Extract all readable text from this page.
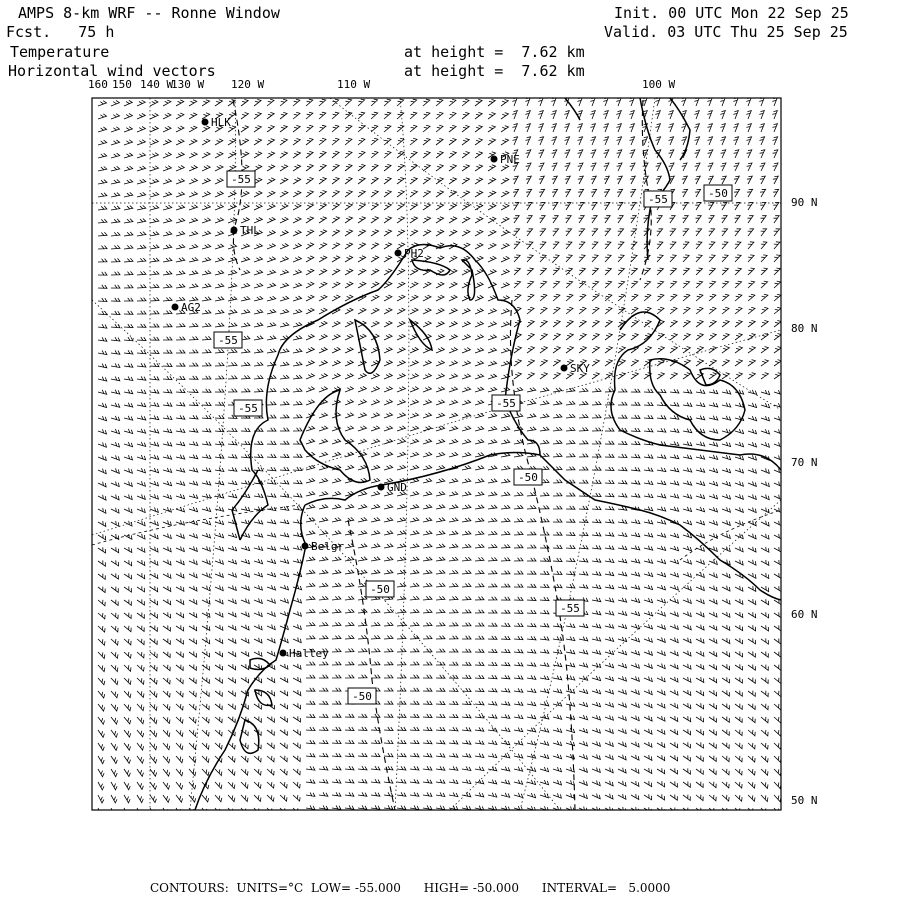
AMPS 8-km WRF -- Ronne Window
Fcst.   75 h
Init. 00 UTC Mon 22 Sep 25
Valid. 03 UTC Thu 25 Sep 25
Temperature	at height =  7.62 km
Horizontal wind vectors	at height =  7.62 km
160 150 140 W
130 W 120 W	110 W	100 W
90 N
80 N
70 N
60 N
50 N
HLK
PNE
THL
PH2
AG2
SKY
GND
Belgr
Halley
-55
-50
-55
-55	-55
-50
-50
-55
-50
-55
CONTOURS:  UNITS=°C  LOW= -55.000      HIGH= -50.000      INTERVAL=   5.0000
